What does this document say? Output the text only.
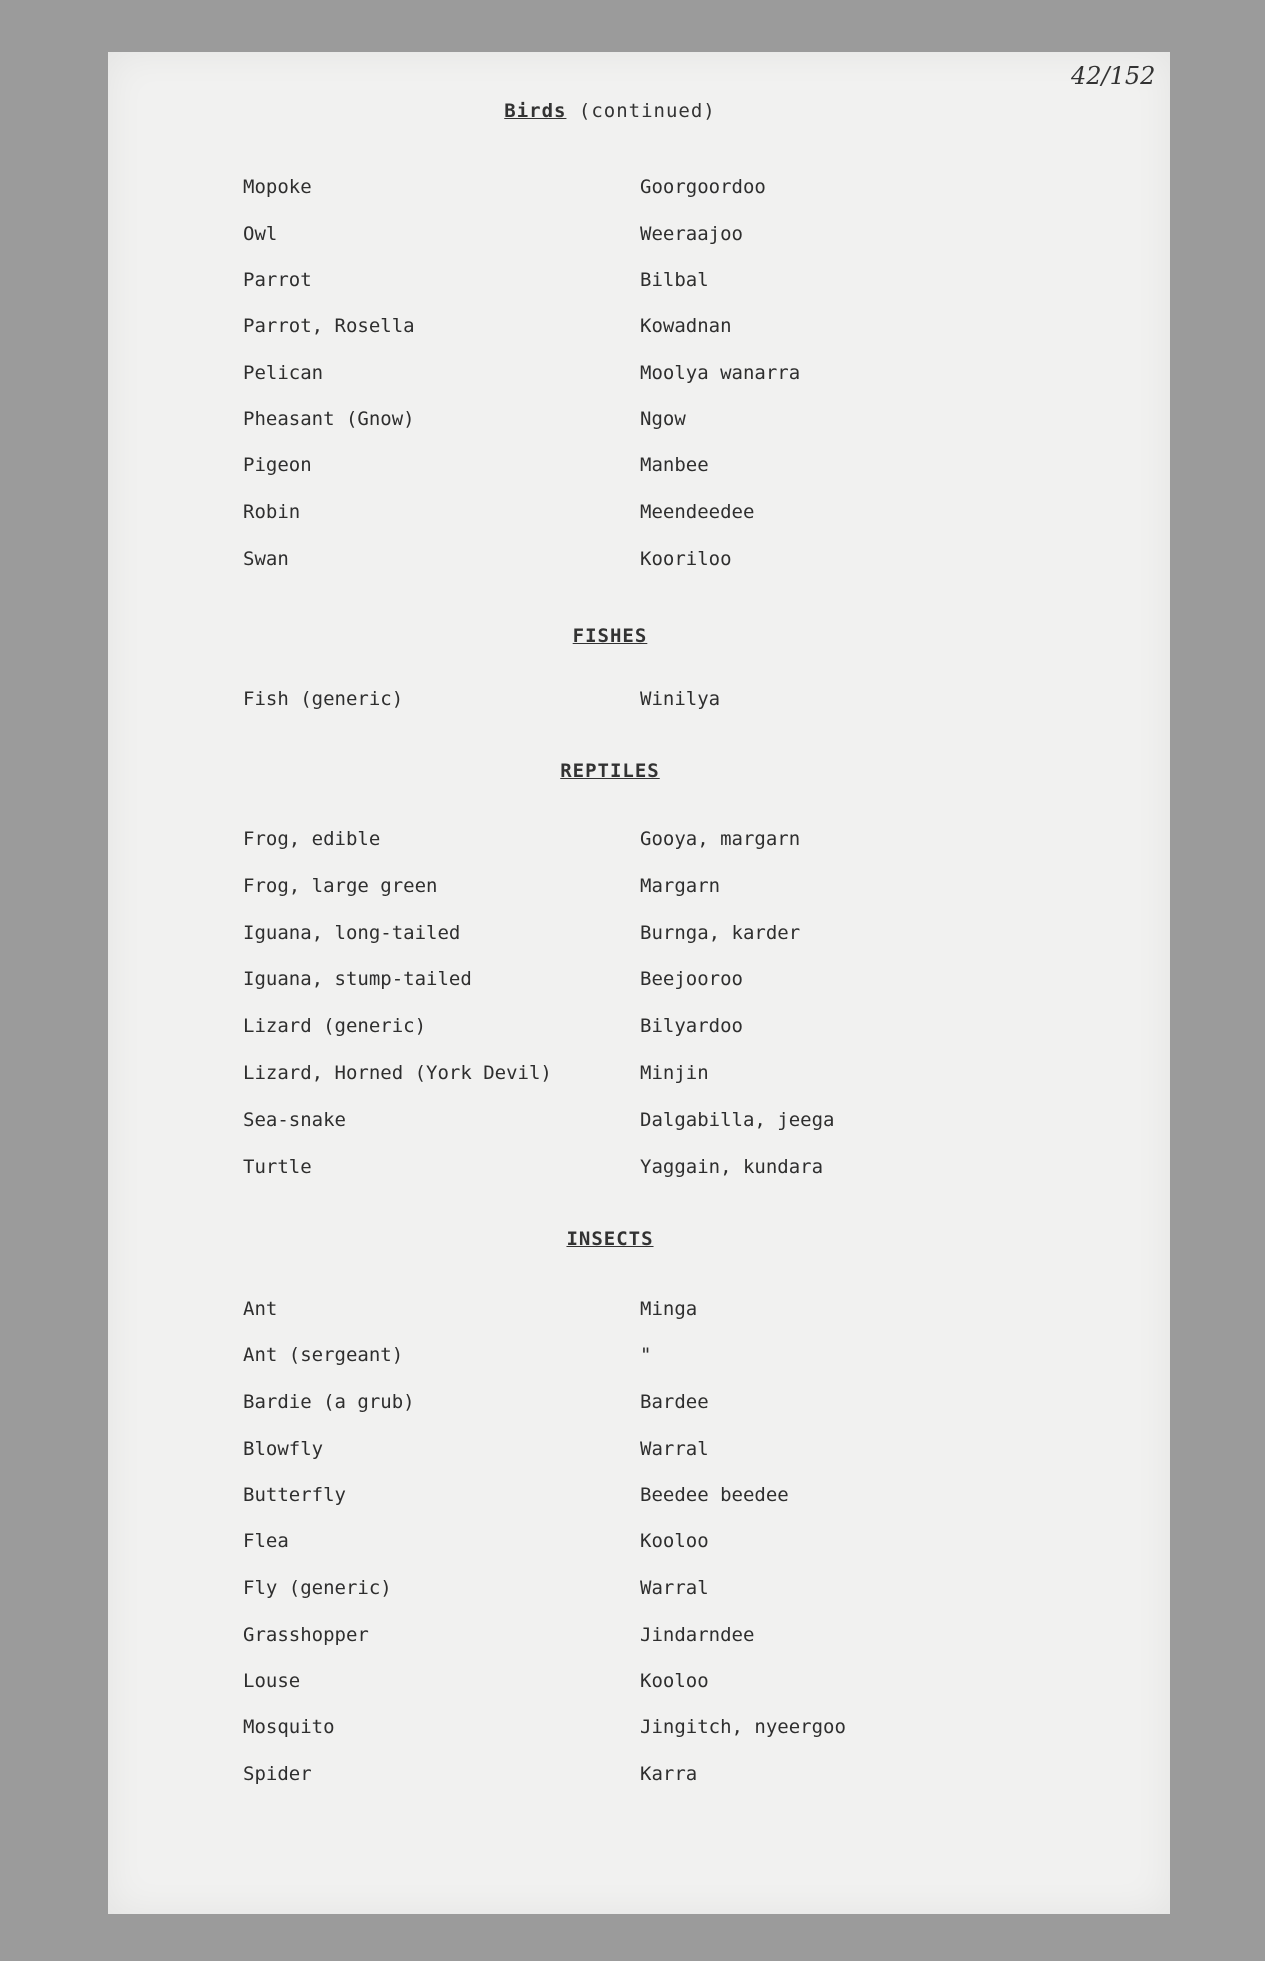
42/152
Birds (continued)
Mopoke	Goorgoordoo
Owl	Weeraajoo
Parrot	Bilbal
Parrot, Rosella	Kowadnan
Pelican	Moolya wanarra
Pheasant (Gnow)	Ngow
Pigeon	Manbee
Robin	Meendeedee
Swan	Kooriloo
FISHES
Fish (generic)	Winilya
REPTILES
Frog, edible	Gooya, margarn
Frog, large green	Margarn
Iguana, long-tailed	Burnga, karder
Iguana, stump-tailed	Beejooroo
Lizard (generic)	Bilyardoo
Lizard, Horned (York Devil)	Minjin
Sea-snake	Dalgabilla, jeega
Turtle	Yaggain, kundara
INSECTS
Ant	Minga
Ant (sergeant)	"
Bardie (a grub)	Bardee
Blowfly	Warral
Butterfly	Beedee beedee
Flea	Kooloo
Fly (generic)	Warral
Grasshopper	Jindarndee
Louse	Kooloo
Mosquito	Jingitch, nyeergoo
Spider	Karra
